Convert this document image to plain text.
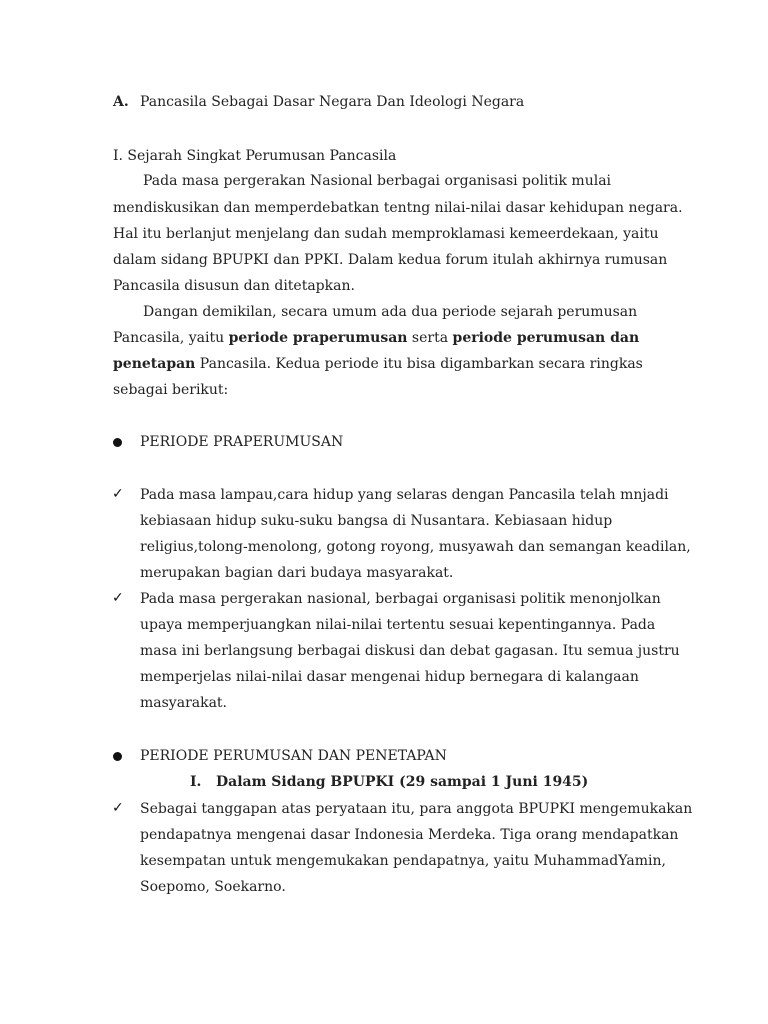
A. Pancasila Sebagai Dasar Negara Dan Ideologi Negara
I. Sejarah Singkat Perumusan Pancasila
Pada masa pergerakan Nasional berbagai organisasi politik mulai
mendiskusikan dan memperdebatkan tentng nilai-nilai dasar kehidupan negara.
Hal itu berlanjut menjelang dan sudah memproklamasi kemeerdekaan, yaitu
dalam sidang BPUPKI dan PPKI. Dalam kedua forum itulah akhirnya rumusan
Pancasila disusun dan ditetapkan.
Dangan demikilan, secara umum ada dua periode sejarah perumusan
Pancasila, yaitu periode praperumusan serta periode perumusan dan
penetapan Pancasila. Kedua periode itu bisa digambarkan secara ringkas
sebagai berikut:
PERIODE PRAPERUMUSAN
✓ Pada masa lampau,cara hidup yang selaras dengan Pancasila telah mnjadi
kebiasaan hidup suku-suku bangsa di Nusantara. Kebiasaan hidup
religius,tolong-menolong, gotong royong, musyawah dan semangan keadilan,
merupakan bagian dari budaya masyarakat.
✓ Pada masa pergerakan nasional, berbagai organisasi politik menonjolkan
upaya memperjuangkan nilai-nilai tertentu sesuai kepentingannya. Pada
masa ini berlangsung berbagai diskusi dan debat gagasan. Itu semua justru
memperjelas nilai-nilai dasar mengenai hidup bernegara di kalangaan
masyarakat.
PERIODE PERUMUSAN DAN PENETAPAN
I. Dalam Sidang BPUPKI (29 sampai 1 Juni 1945)
✓ Sebagai tanggapan atas peryataan itu, para anggota BPUPKI mengemukakan
pendapatnya mengenai dasar Indonesia Merdeka. Tiga orang mendapatkan
kesempatan untuk mengemukakan pendapatnya, yaitu MuhammadYamin,
Soepomo, Soekarno.
